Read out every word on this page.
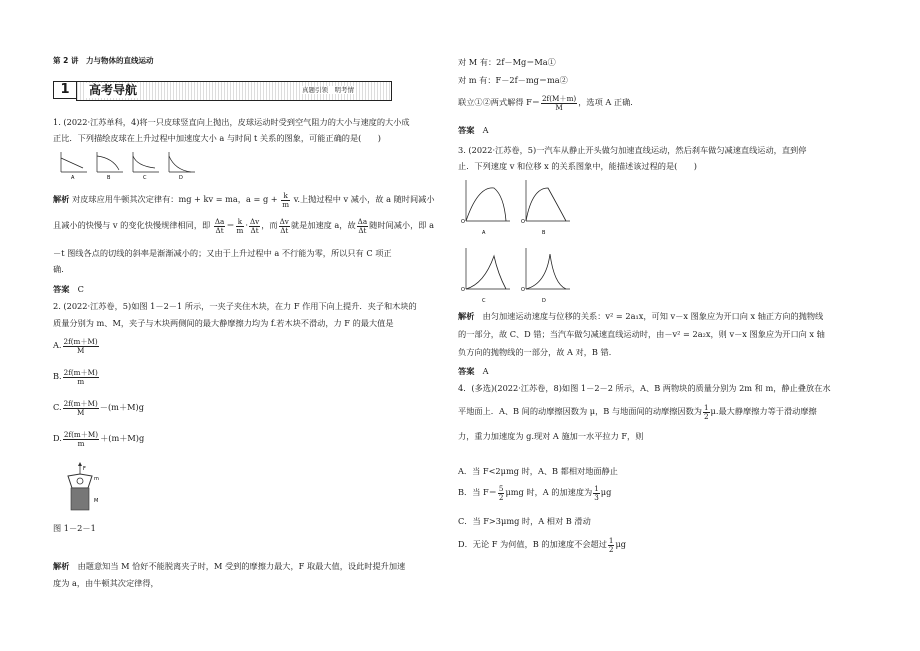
第 2 讲　力与物体的直线运动
1	高考导航	真题引领　明考情
1. (2022·江苏单科，4)将一只皮球竖直向上抛出，皮球运动时受到空气阻力的大小与速度的大小成
正比．下列描绘皮球在上升过程中加速度大小 a 与时间 t 关系的图象，可能正确的是(　　)
A	B	C	D
解析 对皮球应用牛顿其次定律有：mg + kv = ma，$a = g + \frac{k}{m} v$.上抛过程中 v 减小，故 a 随时间减小
且减小的快慢与 v 的变化快慢规律相同，即 $\frac{\Delta a}{\Delta t} = \frac{k}{m} \cdot \frac{\Delta v}{\Delta t}$ ，而 $\frac{\Delta v}{\Delta t}$ 就是加速度 a，故 $\frac{\Delta a}{\Delta t}$ 随时间减小，即 a
－t 图线各点的切线的斜率是渐渐减小的；又由于上升过程中 a 不行能为零，所以只有 C 项正
确．
答案　 C
2. (2022·江苏卷，5)如图 1－2－1 所示，一夹子夹住木块，在力 F 作用下向上提升．夹子和木块的
质量分别为 m、M，夹子与木块两侧间的最大静摩擦力均为 f.若木块不滑动，力 F 的最大值是
A. $\frac{2f(m+M)}{M}$
B. $\frac{2f(m+M)}{m}$
C. $\frac{2f(m+M)}{M} -(m+M)g$
D. $\frac{2f(m+M)}{m} +(m+M)g$
F
m
M
图 1－2－1
解析　 由题意知当 M 恰好不能脱离夹子时，M 受到的摩擦力最大，F 取最大值，设此时提升加速
度为 a，由牛顿其次定律得，
对 M 有：2f－Mg＝Ma①
对 m 有：F－2f－mg＝ma②
联立①②两式解得 $F= \frac{2f(M+m)}{M}$ ，选项 A 正确．
答案　 A
3. (2022·江苏卷，5)一汽车从静止开头做匀加速直线运动，然后刹车做匀减速直线运动，直到停
止．下列速度 v 和位移 x 的关系图象中，能描述该过程的是(　　)
O
A
O
B
O
C
O
D
解析　 由匀加速运动速度与位移的关系：v² = 2a₁x，可知 v－x 图象应为开口向 x 轴正方向的抛物线
的一部分，故 C、D 错；当汽车做匀减速直线运动时，由－v² = 2a₂x，则 v－x 图象应为开口向 x 轴
负方向的抛物线的一部分，故 A 对，B 错．
答案　 A
4．(多选)(2022·江苏卷，8)如图 1－2－2 所示，A、B 两物块的质量分别为 2m 和 m，静止叠放在水
平地面上．A、B 间的动摩擦因数为 μ，B 与地面间的动摩擦因数为 $\frac{1}{2} \mu$.最大静摩擦力等于滑动摩擦
力，重力加速度为 g.现对 A 施加一水平拉力 F，则
A．当 F<2μmg 时，A、B 都相对地面静止
B．当 $F= \frac{5}{2}$ μmg 时，A 的加速度为 $\frac{1}{3}$ μg
C．当 F>3μmg 时，A 相对 B 滑动
D．无论 F 为何值，B 的加速度不会超过 $\frac{1}{2}$ μg
